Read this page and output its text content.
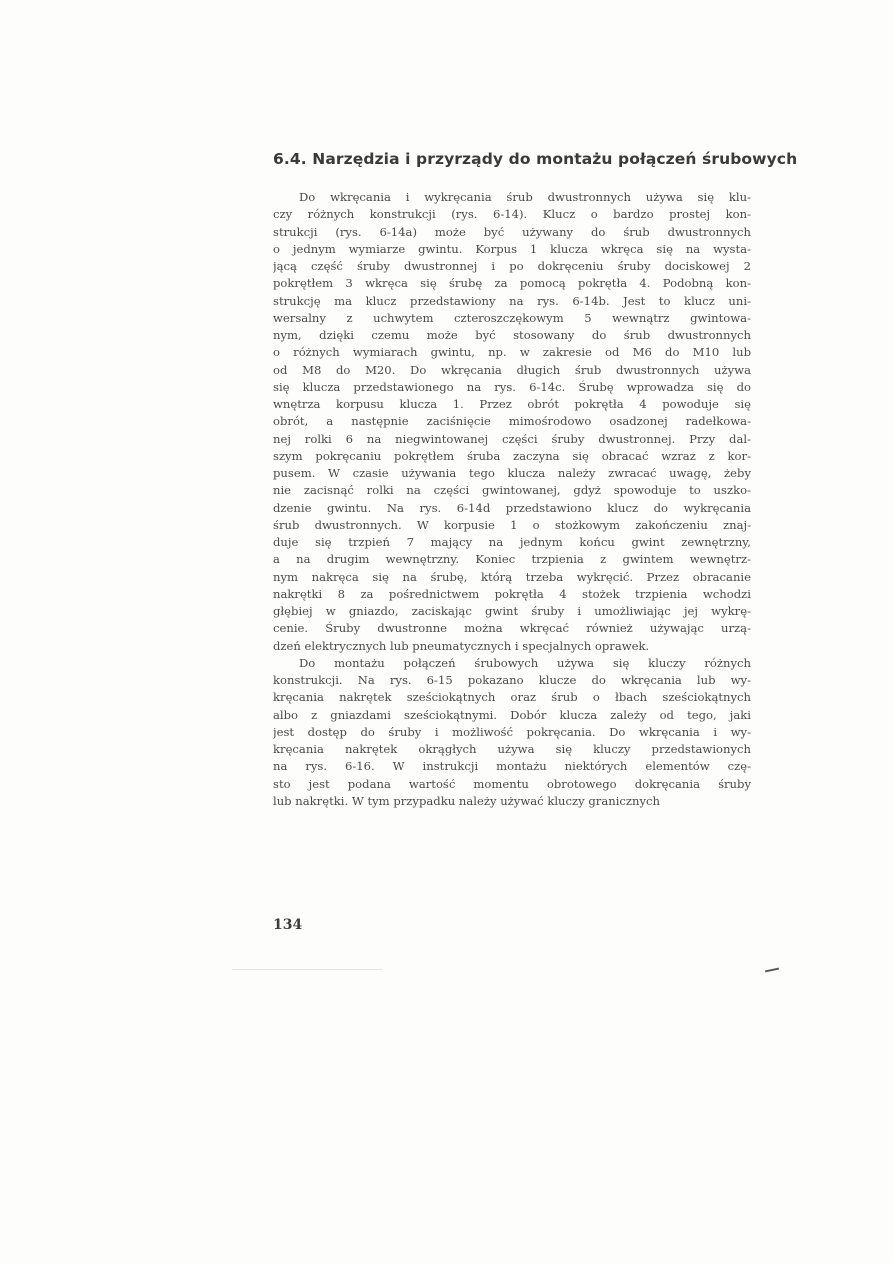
6.4. Narzędzia i przyrządy do montażu połączeń śrubowych
Do wkręcania i wykręcania śrub dwustronnych używa się klu-
czy różnych konstrukcji (rys. 6-14). Klucz o bardzo prostej kon-
strukcji (rys. 6-14a) może być używany do śrub dwustronnych
o jednym wymiarze gwintu. Korpus 1 klucza wkręca się na wysta-
jącą część śruby dwustronnej i po dokręceniu śruby dociskowej 2
pokrętłem 3 wkręca się śrubę za pomocą pokrętła 4. Podobną kon-
strukcję ma klucz przedstawiony na rys. 6-14b. Jest to klucz uni-
wersalny z uchwytem czteroszczękowym 5 wewnątrz gwintowa-
nym, dzięki czemu może być stosowany do śrub dwustronnych
o różnych wymiarach gwintu, np. w zakresie od M6 do M10 lub
od M8 do M20. Do wkręcania długich śrub dwustronnych używa
się klucza przedstawionego na rys. 6-14c. Śrubę wprowadza się do
wnętrza korpusu klucza 1. Przez obrót pokrętła 4 powoduje się
obrót, a następnie zaciśnięcie mimośrodowo osadzonej radełkowa-
nej rolki 6 na niegwintowanej części śruby dwustronnej. Przy dal-
szym pokręcaniu pokrętłem śruba zaczyna się obracać wzraz z kor-
pusem. W czasie używania tego klucza należy zwracać uwagę, żeby
nie zacisnąć rolki na części gwintowanej, gdyż spowoduje to uszko-
dzenie gwintu. Na rys. 6-14d przedstawiono klucz do wykręcania
śrub dwustronnych. W korpusie 1 o stożkowym zakończeniu znaj-
duje się trzpień 7 mający na jednym końcu gwint zewnętrzny,
a na drugim wewnętrzny. Koniec trzpienia z gwintem wewnętrz-
nym nakręca się na śrubę, którą trzeba wykręcić. Przez obracanie
nakrętki 8 za pośrednictwem pokrętła 4 stożek trzpienia wchodzi
głębiej w gniazdo, zaciskając gwint śruby i umożliwiając jej wykrę-
cenie. Śruby dwustronne można wkręcać również używając urzą-
dzeń elektrycznych lub pneumatycznych i specjalnych oprawek.
Do montażu połączeń śrubowych używa się kluczy różnych
konstrukcji. Na rys. 6-15 pokazano klucze do wkręcania lub wy-
kręcania nakrętek sześciokątnych oraz śrub o łbach sześciokątnych
albo z gniazdami sześciokątnymi. Dobór klucza zależy od tego, jaki
jest dostęp do śruby i możliwość pokręcania. Do wkręcania i wy-
kręcania nakrętek okrągłych używa się kluczy przedstawionych
na rys. 6-16. W instrukcji montażu niektórych elementów czę-
sto jest podana wartość momentu obrotowego dokręcania śruby
lub nakrętki. W tym przypadku należy używać kluczy granicznych
134
